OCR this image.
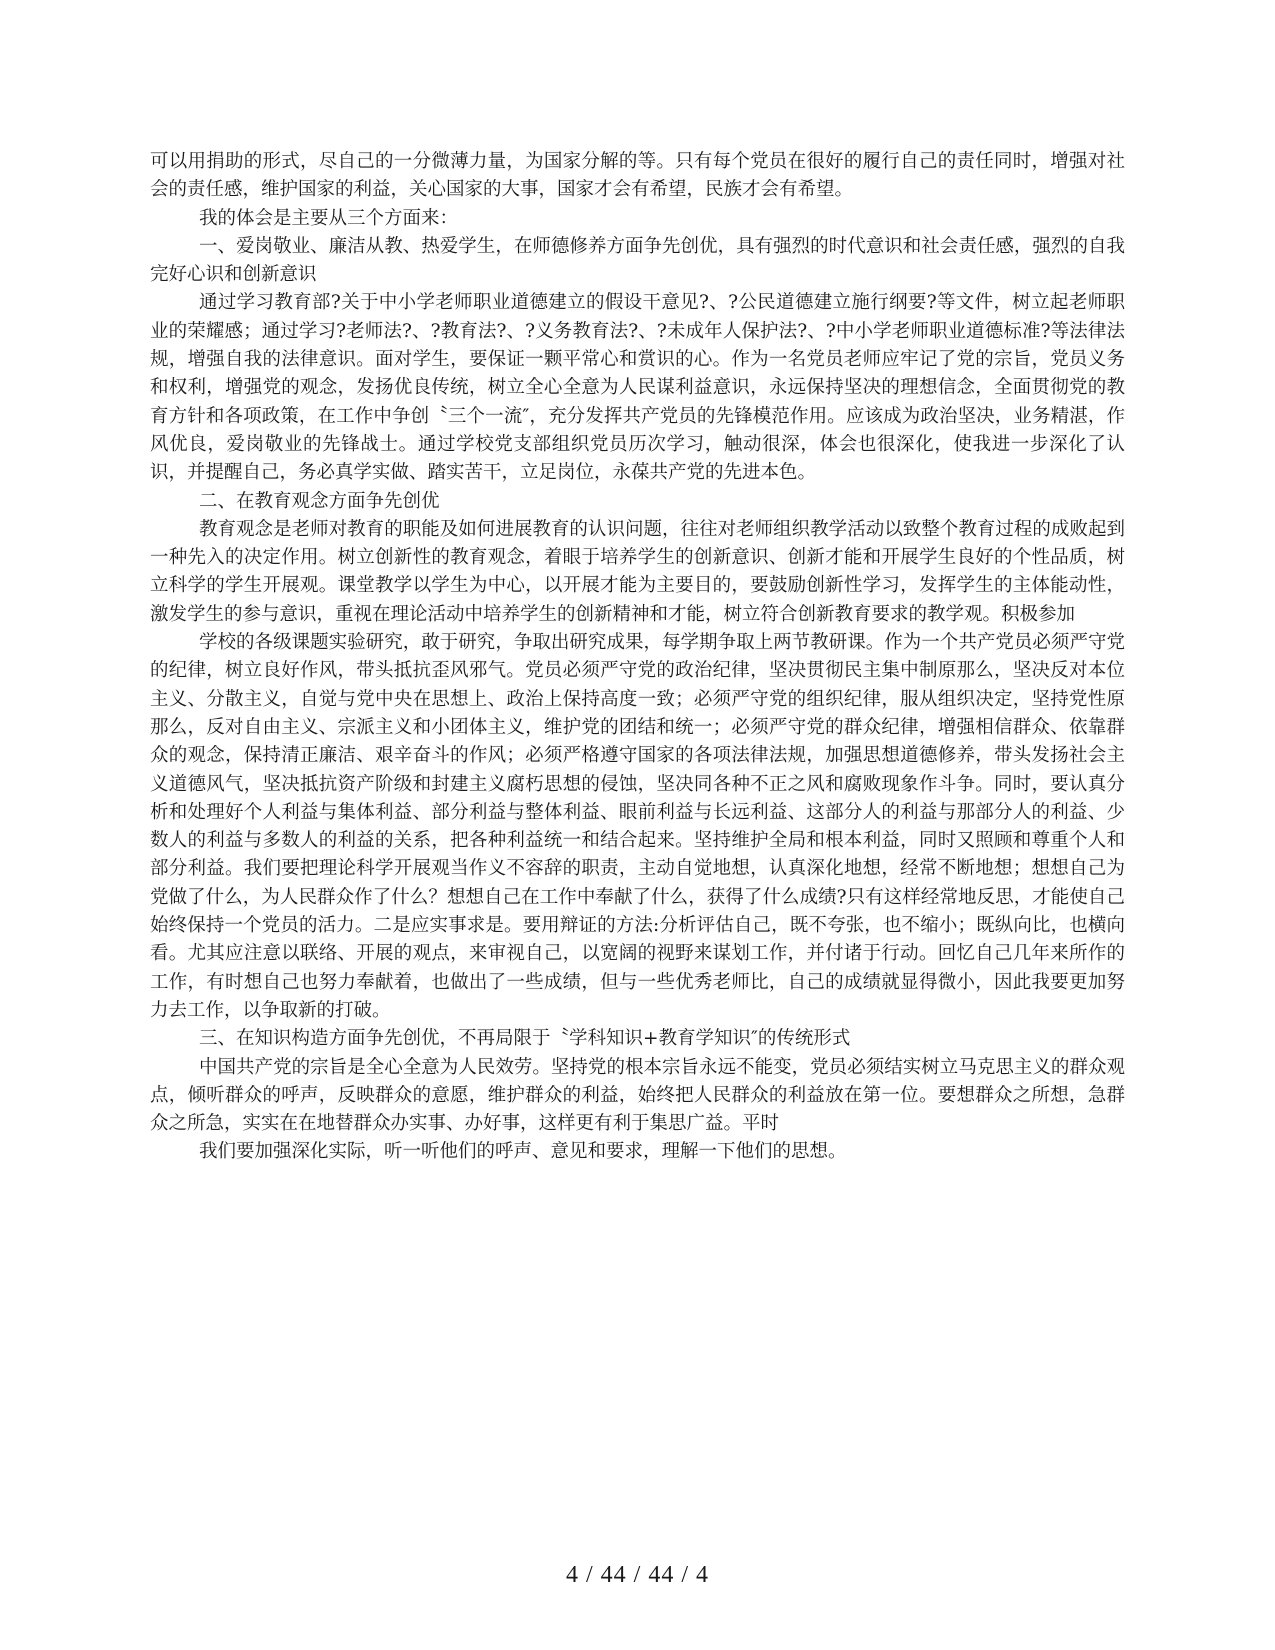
可以用捐助的形式，尽自己的一分微薄力量，为国家分解的等。只有每个党员在很好的履行自己的责任同时，增强对社会的责任感，维护国家的利益，关心国家的大事，国家才会有希望，民族才会有希望。

我的体会是主要从三个方面来：

一、爱岗敬业、廉洁从教、热爱学生，在师德修养方面争先创优，具有强烈的时代意识和社会责任感，强烈的自我完好心识和创新意识

通过学习教育部?关于中小学老师职业道德建立的假设干意见?、?公民道德建立施行纲要?等文件，树立起老师职业的荣耀感；通过学习?老师法?、?教育法?、?义务教育法?、?未成年人保护法?、?中小学老师职业道德标准?等法律法规，增强自我的法律意识。面对学生，要保证一颗平常心和赏识的心。作为一名党员老师应牢记了党的宗旨，党员义务和权利，增强党的观念，发扬优良传统，树立全心全意为人民谋利益意识，永远保持坚决的理想信念，全面贯彻党的教育方针和各项政策，在工作中争创〝三个一流″，充分发挥共产党员的先锋模范作用。应该成为政治坚决，业务精湛，作风优良，爱岗敬业的先锋战士。通过学校党支部组织党员历次学习，触动很深，体会也很深化，使我进一步深化了认识，并提醒自己，务必真学实做、踏实苦干，立足岗位，永葆共产党的先进本色。

二、在教育观念方面争先创优

教育观念是老师对教育的职能及如何进展教育的认识问题，往往对老师组织教学活动以致整个教育过程的成败起到一种先入的决定作用。树立创新性的教育观念，着眼于培养学生的创新意识、创新才能和开展学生良好的个性品质，树立科学的学生开展观。课堂教学以学生为中心，以开展才能为主要目的，要鼓励创新性学习，发挥学生的主体能动性，激发学生的参与意识，重视在理论活动中培养学生的创新精神和才能，树立符合创新教育要求的教学观。积极参加

学校的各级课题实验研究，敢于研究，争取出研究成果，每学期争取上两节教研课。作为一个共产党员必须严守党的纪律，树立良好作风，带头抵抗歪风邪气。党员必须严守党的政治纪律，坚决贯彻民主集中制原那么，坚决反对本位主义、分散主义，自觉与党中央在思想上、政治上保持高度一致；必须严守党的组织纪律，服从组织决定，坚持党性原那么，反对自由主义、宗派主义和小团体主义，维护党的团结和统一；必须严守党的群众纪律，增强相信群众、依靠群众的观念，保持清正廉洁、艰辛奋斗的作风；必须严格遵守国家的各项法律法规，加强思想道德修养，带头发扬社会主义道德风气，坚决抵抗资产阶级和封建主义腐朽思想的侵蚀，坚决同各种不正之风和腐败现象作斗争。同时，要认真分析和处理好个人利益与集体利益、部分利益与整体利益、眼前利益与长远利益、这部分人的利益与那部分人的利益、少数人的利益与多数人的利益的关系，把各种利益统一和结合起来。坚持维护全局和根本利益，同时又照顾和尊重个人和部分利益。我们要把理论科学开展观当作义不容辞的职责，主动自觉地想，认真深化地想，经常不断地想；想想自己为党做了什么，为人民群众作了什么？想想自己在工作中奉献了什么，获得了什么成绩?只有这样经常地反思，才能使自己始终保持一个党员的活力。二是应实事求是。要用辩证的方法:分析评估自己，既不夸张，也不缩小；既纵向比，也横向看。尤其应注意以联络、开展的观点，来审视自己，以宽阔的视野来谋划工作，并付诸于行动。回忆自己几年来所作的工作，有时想自己也努力奉献着，也做出了一些成绩，但与一些优秀老师比，自己的成绩就显得微小，因此我要更加努力去工作，以争取新的打破。

三、在知识构造方面争先创优，不再局限于〝学科知识+教育学知识″的传统形式

中国共产党的宗旨是全心全意为人民效劳。坚持党的根本宗旨永远不能变，党员必须结实树立马克思主义的群众观点，倾听群众的呼声，反映群众的意愿，维护群众的利益，始终把人民群众的利益放在第一位。要想群众之所想，急群众之所急，实实在在地替群众办实事、办好事，这样更有利于集思广益。平时

我们要加强深化实际，听一听他们的呼声、意见和要求，理解一下他们的思想。

4 / 44 / 44 / 4
